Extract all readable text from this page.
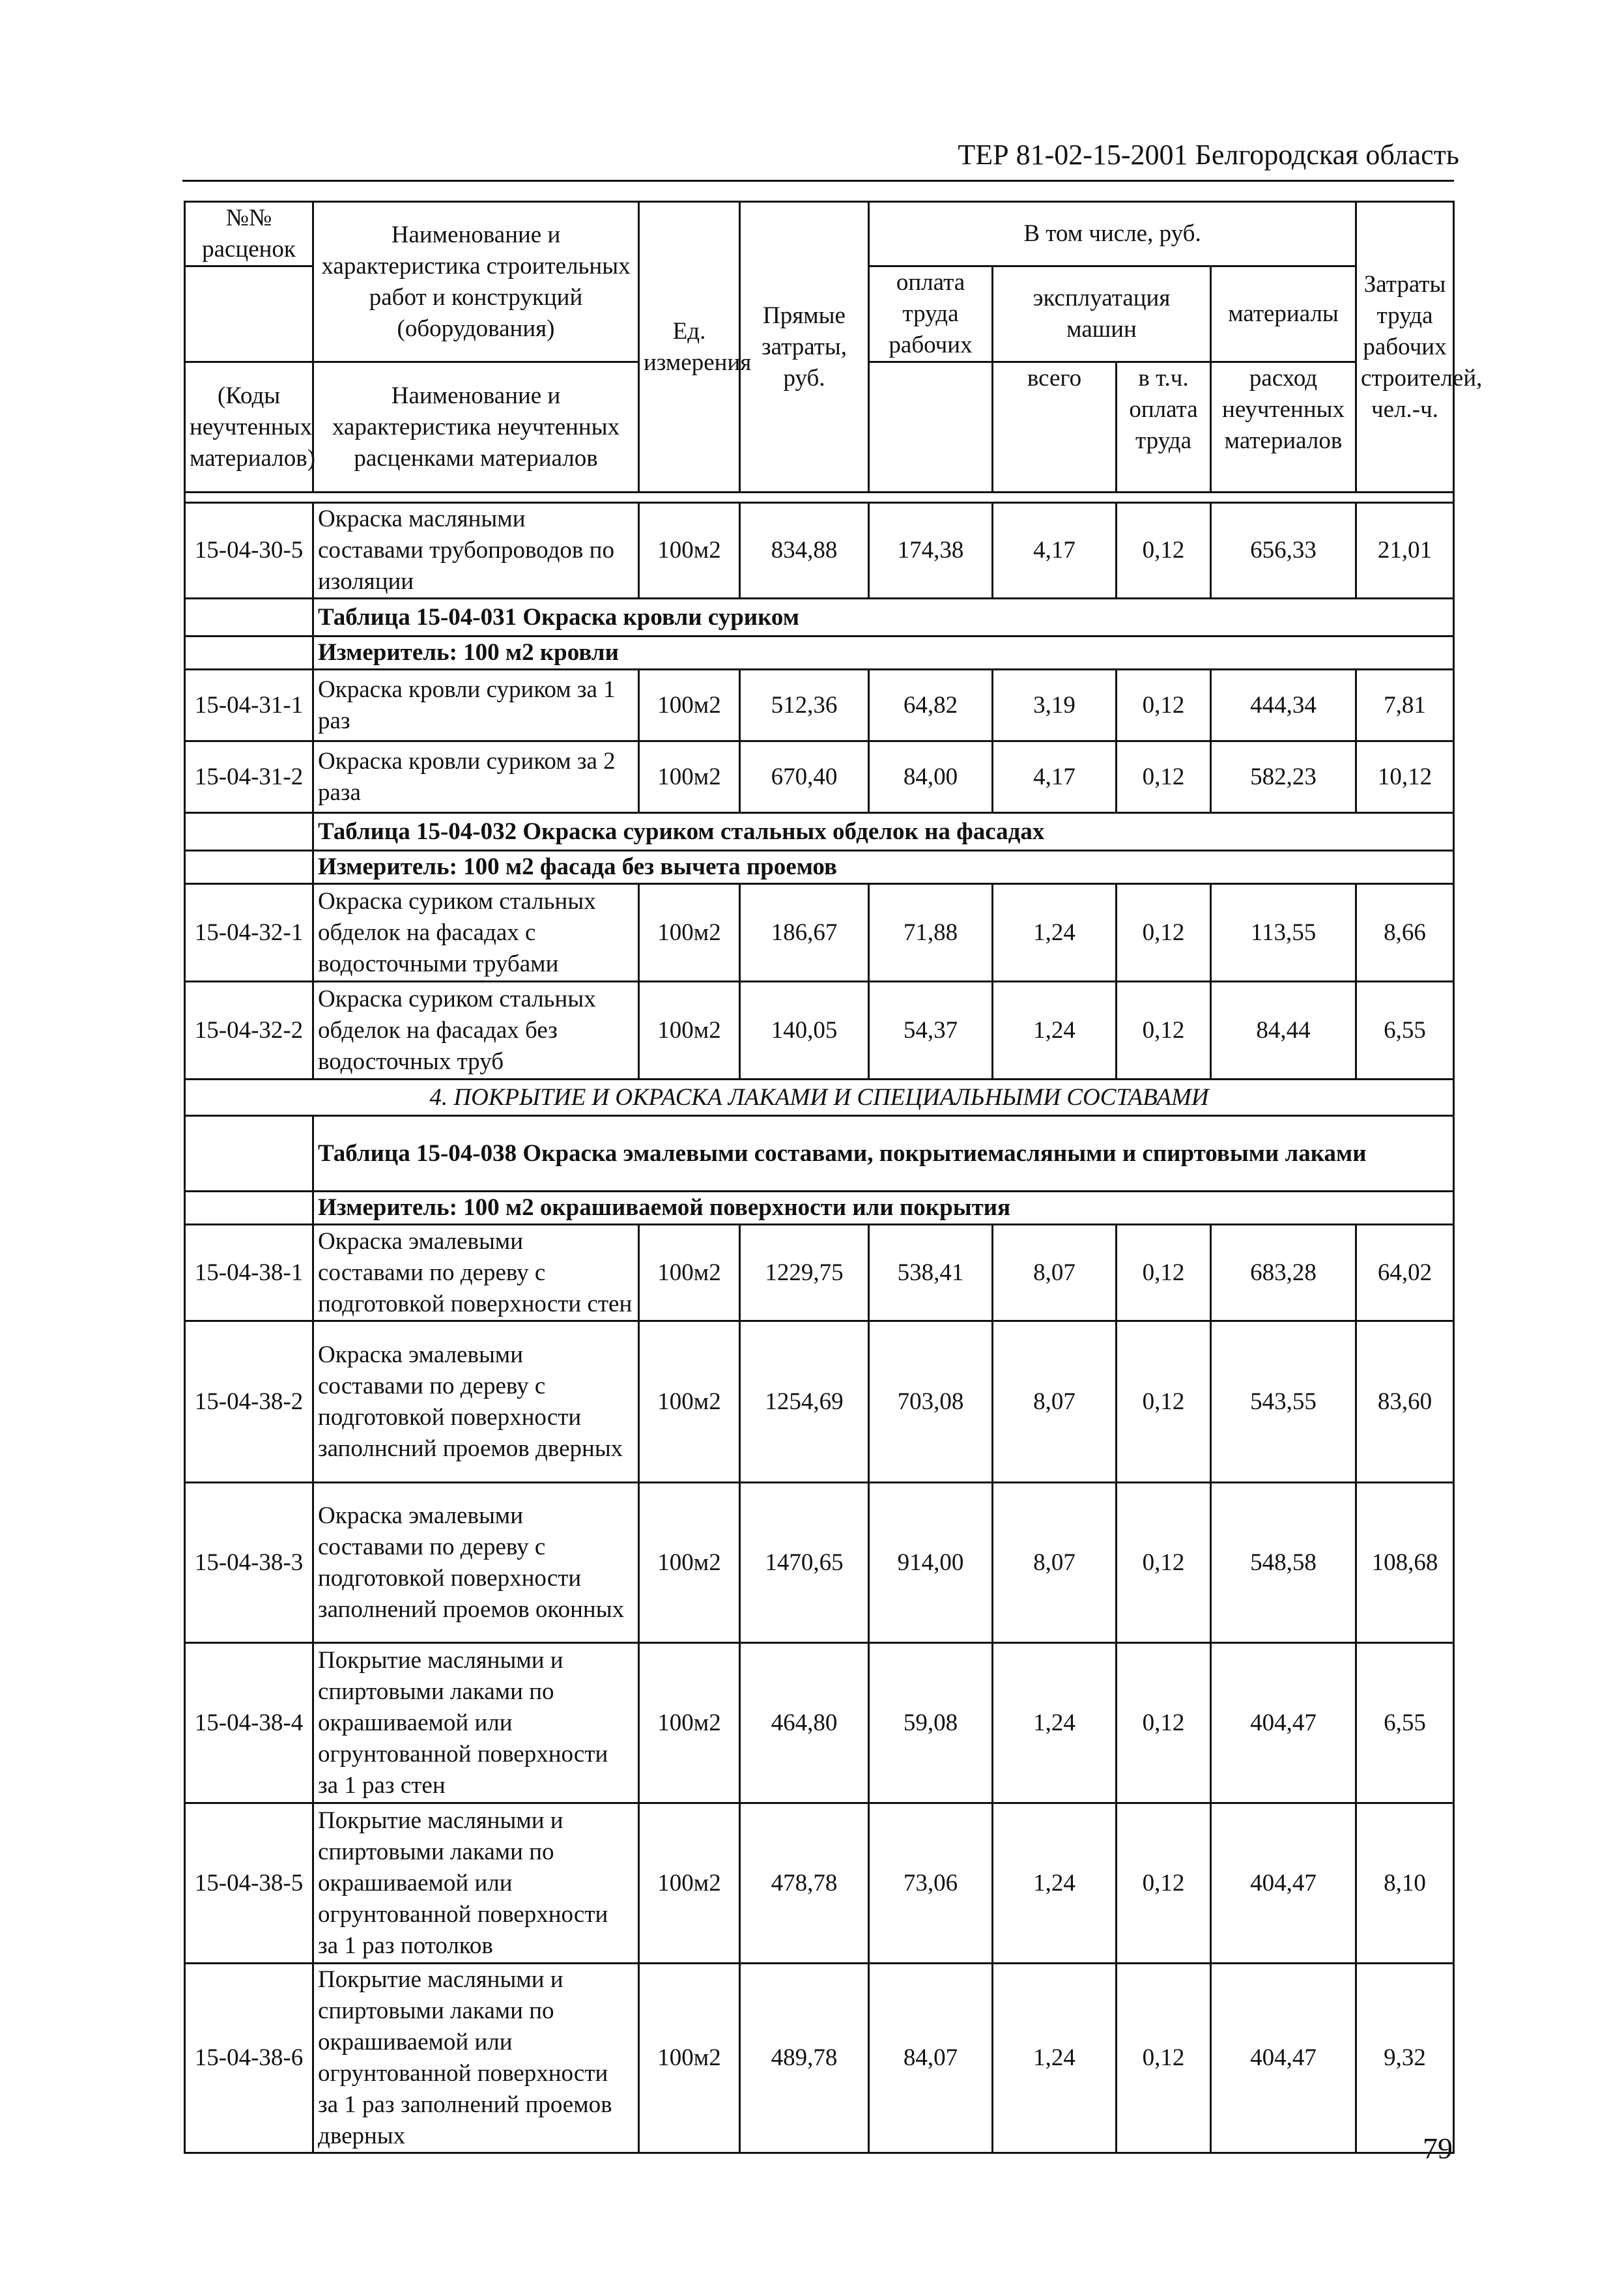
ТЕР 81-02-15-2001 Белгородская область
№№ расценок	Наименование и характеристика строительных работ и конструкций (оборудования)	Ед. измерения	Прямые затраты, руб.	В том числе, руб.				Затраты труда рабочих строителей, чел.-ч.
				оплата труда рабочих	эксплуатация машин		материалы	

(Коды неучтенных материалов)	Наименование и характеристика неучтенных расценками материалов				всего	в т.ч. оплата труда	расход неучтенных материалов	

15-04-30-5	Окраска масляными составами трубопроводов по изоляции	100м2	834,88	174,38	4,17	0,12	656,33	21,01
	Таблица 15-04-031 Окраска кровли суриком							
	Измеритель: 100 м2 кровли							
15-04-31-1	Окраска кровли суриком за 1 раз	100м2	512,36	64,82	3,19	0,12	444,34	7,81
15-04-31-2	Окраска кровли суриком за 2 раза	100м2	670,40	84,00	4,17	0,12	582,23	10,12
	Таблица 15-04-032 Окраска суриком стальных обделок на фасадах							
	Измеритель: 100 м2 фасада без вычета проемов							
15-04-32-1	Окраска суриком стальных обделок на фасадах с водосточными трубами	100м2	186,67	71,88	1,24	0,12	113,55	8,66
15-04-32-2	Окраска суриком стальных обделок на фасадах без водосточных труб	100м2	140,05	54,37	1,24	0,12	84,44	6,55
4. ПОКРЫТИЕ И ОКРАСКА ЛАКАМИ И СПЕЦИАЛЬНЫМИ СОСТАВАМИ								
	Таблица 15-04-038 Окраска эмалевыми составами, покрытиемасляными и спиртовыми лаками							
	Измеритель: 100 м2 окрашиваемой поверхности или покрытия							
15-04-38-1	Окраска эмалевыми составами по дереву с подготовкой поверхности стен	100м2	1229,75	538,41	8,07	0,12	683,28	64,02
15-04-38-2	Окраска эмалевыми составами по дереву с подготовкой поверхности заполнсний проемов дверных	100м2	1254,69	703,08	8,07	0,12	543,55	83,60
15-04-38-3	Окраска эмалевыми составами по дереву с подготовкой поверхности заполнений проемов оконных	100м2	1470,65	914,00	8,07	0,12	548,58	108,68
15-04-38-4	Покрытие масляными и спиртовыми лаками по окрашиваемой или огрунтованной поверхности за 1 раз стен	100м2	464,80	59,08	1,24	0,12	404,47	6,55
15-04-38-5	Покрытие масляными и спиртовыми лаками по окрашиваемой или огрунтованной поверхности за 1 раз потолков	100м2	478,78	73,06	1,24	0,12	404,47	8,10
15-04-38-6	Покрытие масляными и спиртовыми лаками по окрашиваемой или огрунтованной поверхности за 1 раз заполнений проемов дверных	100м2	489,78	84,07	1,24	0,12	404,47	9,32
79
